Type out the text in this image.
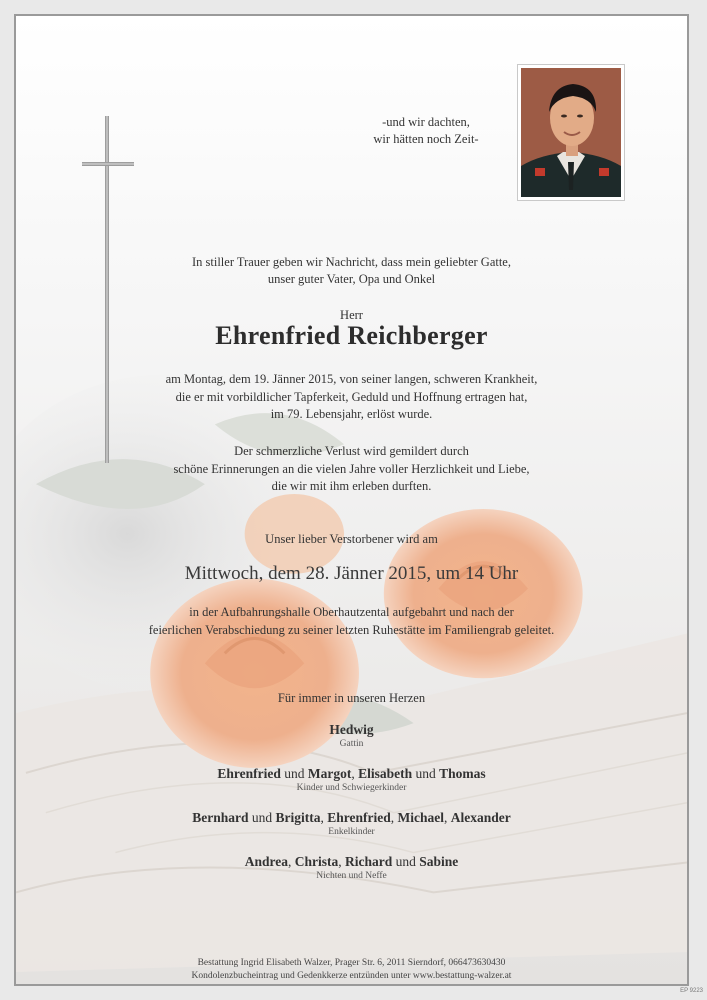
-und wir dachten,
wir hätten noch Zeit-
In stiller Trauer geben wir Nachricht, dass mein geliebter Gatte,
unser guter Vater, Opa und Onkel
Herr
Ehrenfried Reichberger
am Montag, dem 19. Jänner 2015, von seiner langen, schweren Krankheit,
die er mit vorbildlicher Tapferkeit, Geduld und Hoffnung ertragen hat,
im 79. Lebensjahr, erlöst wurde.
Der schmerzliche Verlust wird gemildert durch
schöne Erinnerungen an die vielen Jahre voller Herzlichkeit und Liebe,
die wir mit ihm erleben durften.
Unser lieber Verstorbener wird am
Mittwoch, dem 28. Jänner 2015, um 14 Uhr
in der Aufbahrungshalle Oberhautzental aufgebahrt und nach der
feierlichen Verabschiedung zu seiner letzten Ruhestätte im Familiengrab geleitet.
Für immer in unseren Herzen
Hedwig
Gattin
Ehrenfried und Margot, Elisabeth und Thomas
Kinder und Schwiegerkinder
Bernhard und Brigitta, Ehrenfried, Michael, Alexander
Enkelkinder
Andrea, Christa, Richard und Sabine
Nichten und Neffe
Bestattung Ingrid Elisabeth Walzer, Prager Str. 6, 2011 Sierndorf, 06647363043​0
Kondolenzbucheintrag und Gedenkkerze entzünden unter www.bestattung-walzer.at
EP 9223
